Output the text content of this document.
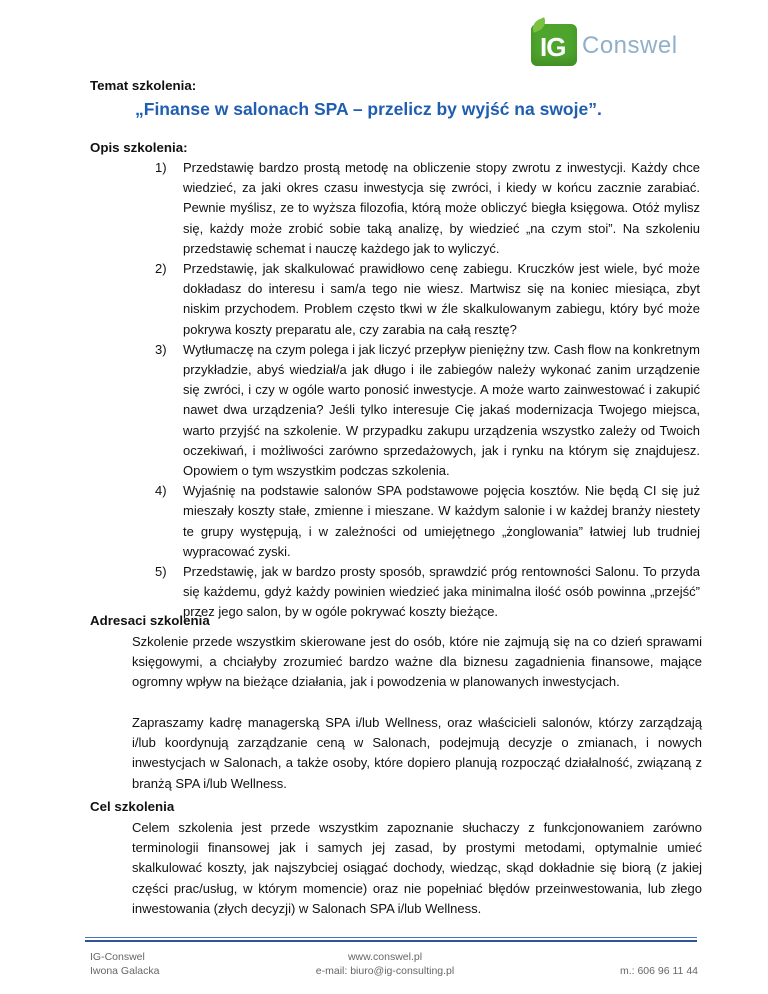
IG Conswel
Temat szkolenia:
„Finanse w salonach SPA – przelicz by wyjść na swoje”.
Opis szkolenia:
1) Przedstawię bardzo prostą metodę na obliczenie stopy zwrotu z inwestycji. Każdy chce wiedzieć, za jaki okres czasu inwestycja się zwróci, i kiedy w końcu zacznie zarabiać. Pewnie myślisz, ze to wyższa filozofia, którą może obliczyć biegła księgowa. Otóż mylisz się, każdy może zrobić sobie taką analizę, by wiedzieć „na czym stoi”. Na szkoleniu przedstawię schemat i nauczę każdego jak to wyliczyć.
2) Przedstawię, jak skalkulować prawidłowo cenę zabiegu. Kruczków jest wiele, być może dokładasz do interesu i sam/a tego nie wiesz. Martwisz się na koniec miesiąca, zbyt niskim przychodem. Problem często tkwi w źle skalkulowanym zabiegu, który być może pokrywa koszty preparatu ale, czy zarabia na całą resztę?
3) Wytłumaczę na czym polega i jak liczyć przepływ pieniężny tzw. Cash flow na konkretnym przykładzie, abyś wiedział/a jak długo i ile zabiegów należy wykonać zanim urządzenie się zwróci, i czy w ogóle warto ponosić inwestycje. A może warto zainwestować i zakupić nawet dwa urządzenia? Jeśli tylko interesuje Cię jakaś modernizacja Twojego miejsca, warto przyjść na szkolenie. W przypadku zakupu urządzenia wszystko zależy od Twoich oczekiwań, i możliwości zarówno sprzedażowych, jak i rynku na którym się znajdujesz. Opowiem o tym wszystkim podczas szkolenia.
4) Wyjaśnię na podstawie salonów SPA podstawowe pojęcia kosztów. Nie będą CI się już mieszały koszty stałe, zmienne i mieszane. W każdym salonie i w każdej branży niestety te grupy występują, i w zależności od umiejętnego „żonglowania” łatwiej lub trudniej wypracować zyski.
5) Przedstawię, jak w bardzo prosty sposób, sprawdzić próg rentowności Salonu. To przyda się każdemu, gdyż każdy powinien wiedzieć jaka minimalna ilość osób powinna „przejść” przez jego salon, by w ogóle pokrywać koszty bieżące.
Adresaci szkolenia

Szkolenie przede wszystkim skierowane jest do osób, które nie zajmują się na co dzień sprawami księgowymi, a chciałyby zrozumieć bardzo ważne dla biznesu zagadnienia finansowe, mające ogromny wpływ na bieżące działania, jak i powodzenia w planowanych inwestycjach.

Zapraszamy kadrę managerską SPA i/lub Wellness, oraz właścicieli salonów, którzy zarządzają i/lub koordynują zarządzanie ceną w Salonach, podejmują decyzje o zmianach, i nowych inwestycjach w Salonach, a także osoby, które dopiero planują rozpocząć działalność, związaną z branżą SPA i/lub Wellness.

Cel szkolenia

Celem szkolenia jest przede wszystkim zapoznanie słuchaczy z funkcjonowaniem zarówno terminologii finansowej jak i samych jej zasad, by prostymi metodami, optymalnie umieć skalkulować koszty, jak najszybciej osiągać dochody, wiedząc, skąd dokładnie się biorą (z jakiej części prac/usług, w którym momencie) oraz nie popełniać błędów przeinwestowania, lub złego inwestowania (złych decyzji) w Salonach SPA i/lub Wellness.

IG-Conswel
Iwona Galacka
www.conswel.pl
e-mail: biuro@ig-consulting.pl	m.: 606 96 11 44
